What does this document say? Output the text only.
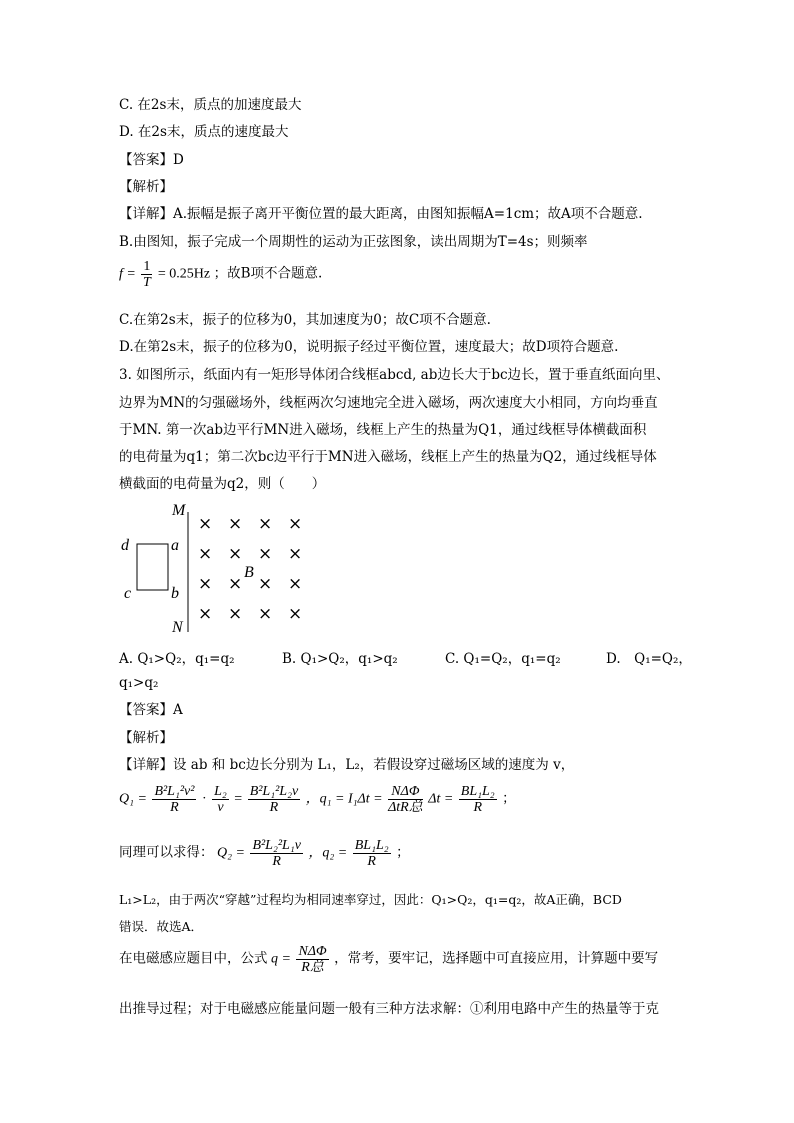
C. 在2s末，质点的加速度最大
D. 在2s末，质点的速度最大
【答案】D
【解析】
【详解】A.振幅是振子离开平衡位置的最大距离，由图知振幅A=1cm；故A项不合题意.
B.由图知，振子完成一个周期性的运动为正弦图象，读出周期为T=4s；则频率
$f = \frac{1}{T} = 0.25Hz$ ；故B项不合题意.
C.在第2s末，振子的位移为0，其加速度为0；故C项不合题意.
D.在第2s末，振子的位移为0，说明振子经过平衡位置，速度最大；故D项符合题意.
3. 如图所示，纸面内有一矩形导体闭合线框abcd, ab边长大于bc边长，置于垂直纸面向里、
边界为MN的匀强磁场外，线框两次匀速地完全进入磁场，两次速度大小相同，方向均垂直
于MN. 第一次ab边平行MN进入磁场，线框上产生的热量为Q1，通过线框导体横截面积
的电荷量为q1；第二次bc边平行于MN进入磁场，线框上产生的热量为Q2，通过线框导体
横截面的电荷量为q2，则（　　）
M
N
d	a
c b
B
× × × ×
× × × ×
× × × ×
× × × ×
A. Q₁>Q₂，q₁=q₂	B. Q₁>Q₂，q₁>q₂	C. Q₁=Q₂，q₁=q₂	D.　Q₁=Q₂，
q₁>q₂
【答案】A
【解析】
【详解】设 ab 和 bc边长分别为 L₁，L₂，若假设穿过磁场区域的速度为 v，
$Q_1 = \frac{\text{B²L₁²v²}}{R} \cdot \frac{\text{L₂}}{v} = \frac{\text{B²L₁²L₂v}}{R}$ ，$q_1 = I_1\Delta t = \frac{\text{NΔΦ}}{\text{ΔtR总}}$ $\Delta t = \frac{\text{BL₁L₂}}{R}$ ；
同理可以求得： $Q_2 = \frac{\text{B²L₂²L₁v}}{R}$ ，$q_2 = \frac{\text{BL₁L₂}}{R}$ ；
L₁>L₂，由于两次“穿越”过程均为相同速率穿过，因此：Q₁>Q₂，q₁=q₂，故A正确，BCD
错误．故选A．
在电磁感应题目中，公式 $q = \frac{\text{NΔΦ}}{\text{R总}}$ ，常考，要牢记，选择题中可直接应用，计算题中要写
出推导过程；对于电磁感应能量问题一般有三种方法求解：①利用电路中产生的热量等于克
